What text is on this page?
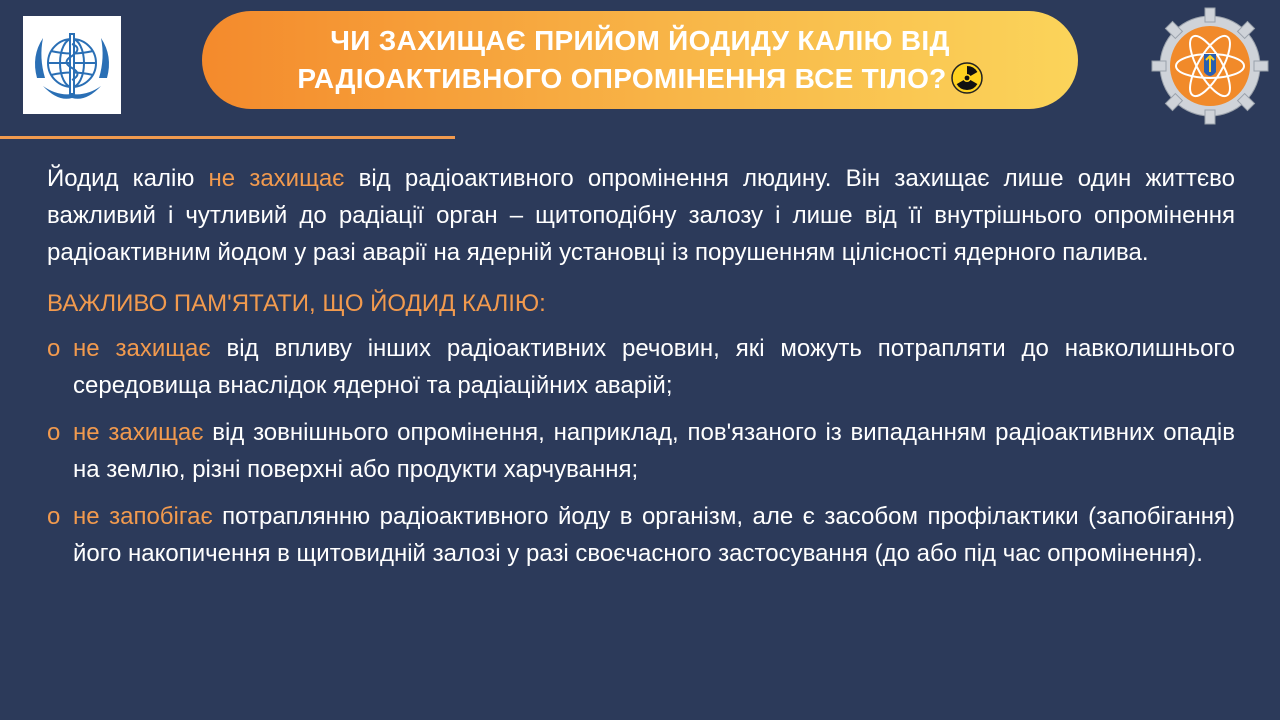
ЧИ ЗАХИЩАЄ ПРИЙОМ ЙОДИДУ КАЛІЮ ВІД
РАДІОАКТИВНОГО ОПРОМІНЕННЯ ВСЕ ТІЛО?

Йодид калію не захищає від радіоактивного опромінення людину. Він захищає лише один життєво важливий і чутливий до радіації орган – щитоподібну залозу і лише від її внутрішнього опромінення радіоактивним йодом у разі аварії на ядерній установці із порушенням цілісності ядерного палива.

ВАЖЛИВО ПАМ'ЯТАТИ, ЩО ЙОДИД КАЛІЮ:

o не захищає від впливу інших радіоактивних речовин, які можуть потрапляти до навколишнього середовища внаслідок ядерної та радіаційних аварій;
o не захищає від зовнішнього опромінення, наприклад, пов'язаного із випаданням радіоактивних опадів на землю, різні поверхні або продукти харчування;
o не запобігає потраплянню радіоактивного йоду в організм, але є засобом профілактики (запобігання) його накопичення в щитовидній залозі у разі своєчасного застосування (до або під час опромінення).
